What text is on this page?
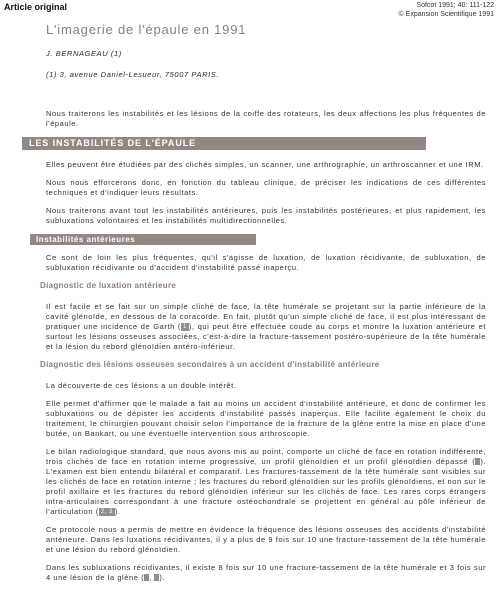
Article original	Sofcot 1991; 40: 111-122
© Expansion Scientifique 1991
L'imagerie de l'épaule en 1991
J. BERNAGEAU (1)
(1) 3, avenue Daniel-Lesueur, 75007 PARIS.

Nous traiterons les instabilités et les lésions de la coiffe des rotateurs, les deux affections les plus fréquentes de l'épaule.

LES INSTABILITÉS DE L'ÉPAULE

Elles peuvent être étudiées par des clichés simples, un scanner, une arthrographie, un arthroscanner et une IRM.

Nous nous efforcerons donc, en fonction du tableau clinique, de préciser les indications de ces différentes techniques et d'indiquer leurs résultats.

Nous traiterons avant tout les instabilités antérieures, puis les instabilités postérieures, et plus rapidement, les subluxations volontaires et les instabilités multidirectionnelles.

Instabilités antérieures

Ce sont de loin les plus fréquentes, qu'il s'agisse de luxation, de luxation récidivante, de subluxation, de subluxation récidivante ou d'accident d'instabilité passé inaperçu.

Diagnostic de luxation antérieure

Il est facile et se fait sur un simple cliché de face, la tête humérale se projetant sur la partie inférieure de la cavité glénoïde, en dessous de la coracoïde. En fait, plutôt qu'un simple cliché de face, il est plus intéressant de pratiquer une incidence de Garth ( 1 ), qui peut être effectuée coude au corps et montre la luxation antérieure et surtout les lésions osseuses associées, c'est-à-dire la fracture-tassement postéro-supérieure de la tête humérale et la lésion du rebord glénoïdien antéro-inférieur.

Diagnostic des lésions osseuses secondaires à un accident d'instabilité antérieure

La découverte de ces lésions a un double intérêt.

Elle permet d'affirmer que le malade a fait au moins un accident d'instabilité antérieure, et donc de confirmer les subluxations ou de dépister les accidents d'instabilité passés inaperçus. Elle facilite également le choix du traitement, le chirurgien pouvant choisir selon l'importance de la fracture de la glène entre la mise en place d'une butée, un Bankart, ou une éventuelle intervention sous arthroscopie.

Le bilan radiologique standard, que nous avons mis au point, comporte un cliché de face en rotation indifférente, trois clichés de face en rotation interne progressive, un profil glénoïdien et un profil glénoïdien dépassé ( ). L'examen est bien entendu bilatéral et comparatif. Les fractures-tassement de la tête humérale sont visibles sur les clichés de face en rotation interne ; les fractures du rebord glénoïdien sur les profils glénoïdiens, et non sur le profil axillaire et les fractures du rebord glénoïdien inférieur sur les clichés de face. Les rares corps étrangers intra-articulaires correspondant à une fracture ostéochondrale se projettent en général au pôle inférieur de l'articulation ( 2, 3 ).

Ce protocole nous a permis de mettre en évidence la fréquence des lésions osseuses des accidents d'instabilité antérieure. Dans les luxations récidivantes, il y a plus de 9 fois sur 10 une fracture-tassement de la tête humérale et une lésion du rebord glénoïdien.

Dans les subluxations récidivantes, il existe 8 fois sur 10 une fracture-tassement de la tête humérale et 3 fois sur 4 une lésion de la glène ( , ).
